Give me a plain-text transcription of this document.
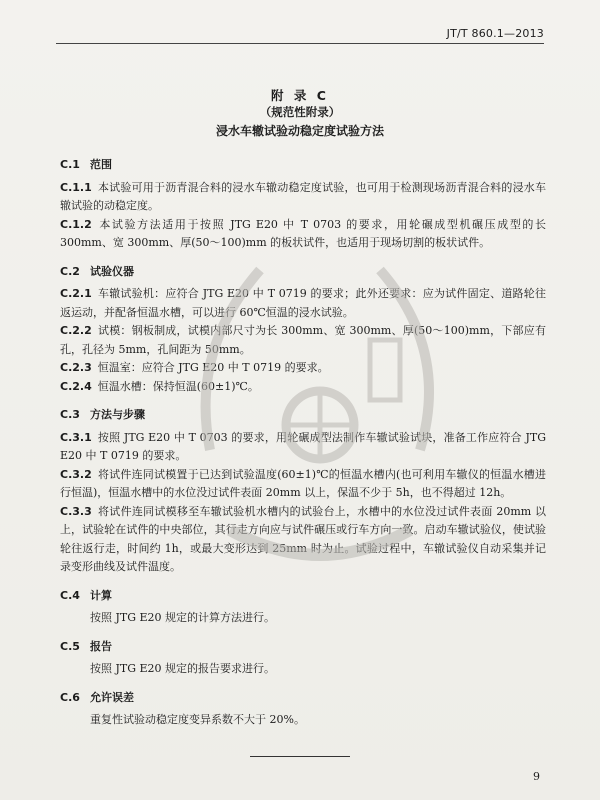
JT/T 860.1—2013
附 录 C
（规范性附录）
浸水车辙试验动稳定度试验方法
C.1 范围

C.1.1 本试验可用于沥青混合料的浸水车辙动稳定度试验，也可用于检测现场沥青混合料的浸水车辙试验的动稳定度。

C.1.2 本试验方法适用于按照 JTG E20 中 T 0703 的要求，用轮碾成型机碾压成型的长 300mm、宽 300mm、厚(50～100)mm 的板状试件，也适用于现场切割的板状试件。

C.2 试验仪器

C.2.1 车辙试验机：应符合 JTG E20 中 T 0719 的要求；此外还要求：应为试件固定、道路轮往返运动，并配备恒温水槽，可以进行 60℃恒温的浸水试验。

C.2.2 试模：钢板制成，试模内部尺寸为长 300mm、宽 300mm、厚(50～100)mm，下部应有孔，孔径为 5mm，孔间距为 50mm。

C.2.3 恒温室：应符合 JTG E20 中 T 0719 的要求。

C.2.4 恒温水槽：保持恒温(60±1)℃。

C.3 方法与步骤

C.3.1 按照 JTG E20 中 T 0703 的要求，用轮碾成型法制作车辙试验试块，准备工作应符合 JTG E20 中 T 0719 的要求。

C.3.2 将试件连同试模置于已达到试验温度(60±1)℃的恒温水槽内(也可利用车辙仪的恒温水槽进行恒温)，恒温水槽中的水位没过试件表面 20mm 以上，保温不少于 5h，也不得超过 12h。

C.3.3 将试件连同试模移至车辙试验机水槽内的试验台上，水槽中的水位没过试件表面 20mm 以上，试验轮在试件的中央部位，其行走方向应与试件碾压或行车方向一致。启动车辙试验仪，使试验轮往返行走，时间约 1h，或最大变形达到 25mm 时为止。试验过程中，车辙试验仪自动采集并记录变形曲线及试件温度。

C.4 计算

按照 JTG E20 规定的计算方法进行。

C.5 报告

按照 JTG E20 规定的报告要求进行。

C.6 允许误差

重复性试验动稳定度变异系数不大于 20%。

9
